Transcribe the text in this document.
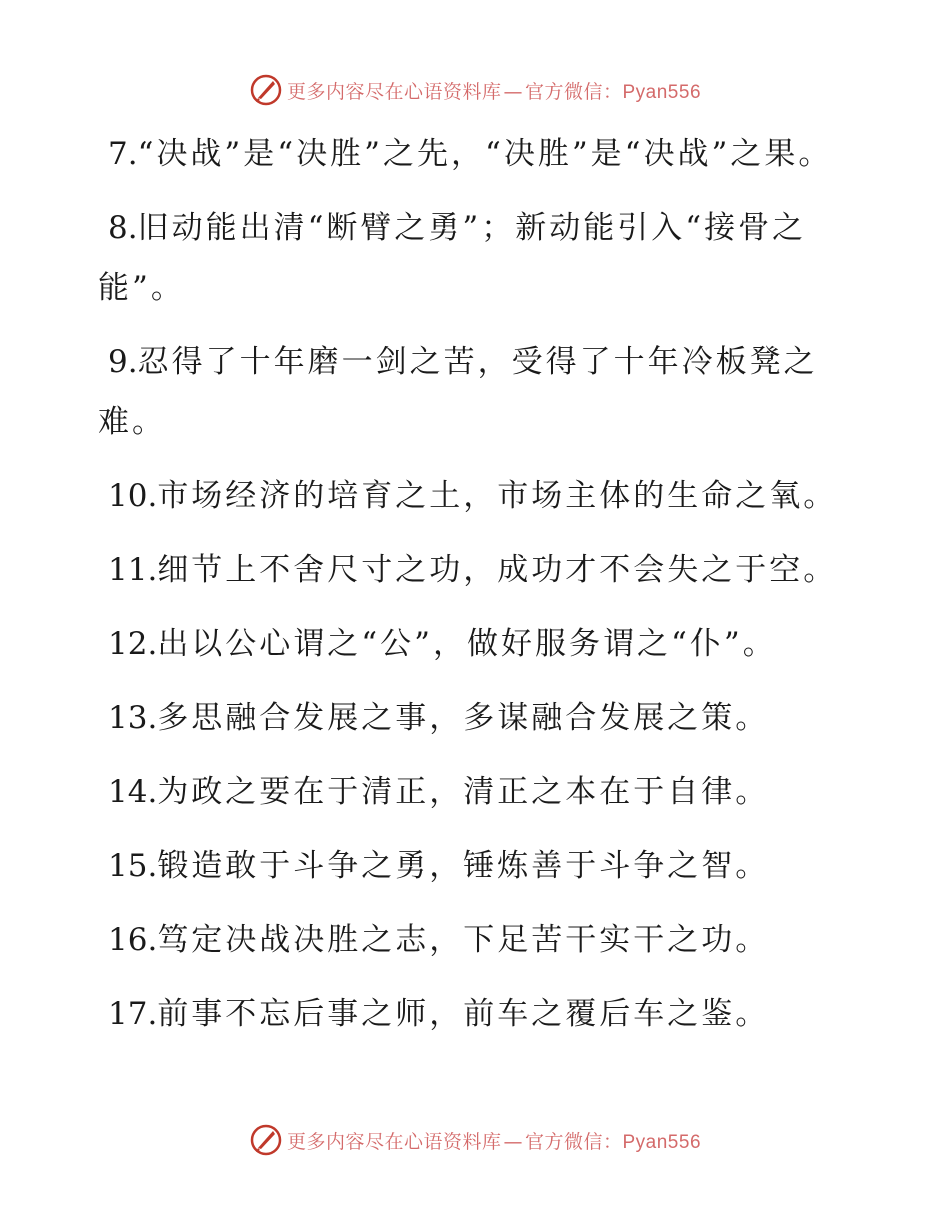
更多内容尽在心语资料库 — 官方微信：Pyan556

7.“决战”是“决胜”之先，“决胜”是“决战”之果。

8.旧动能出清“断臂之勇”；新动能引入“接骨之能”。

9.忍得了十年磨一剑之苦，受得了十年冷板凳之难。

10.市场经济的培育之土，市场主体的生命之氧。

11.细节上不舍尺寸之功，成功才不会失之于空。

12.出以公心谓之“公”，做好服务谓之“仆”。

13.多思融合发展之事，多谋融合发展之策。

14.为政之要在于清正，清正之本在于自律。

15.锻造敢于斗争之勇，锤炼善于斗争之智。

16.笃定决战决胜之志，下足苦干实干之功。

17.前事不忘后事之师，前车之覆后车之鉴。

更多内容尽在心语资料库 — 官方微信：Pyan556
